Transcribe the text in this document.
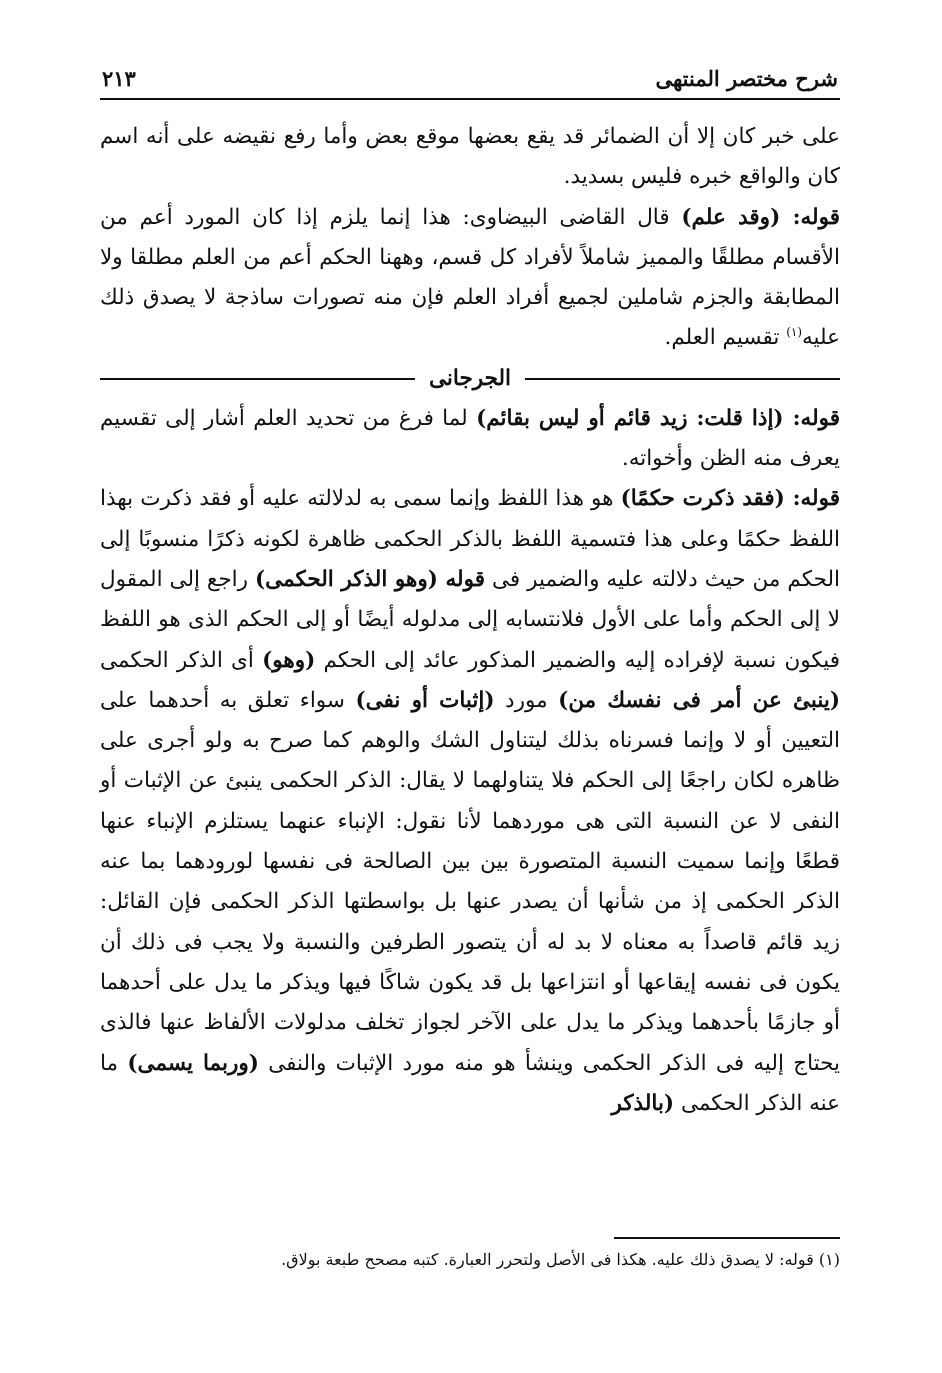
شرح مختصر المنتهى
٢١٣

على خبر كان إلا أن الضمائر قد يقع بعضها موقع بعض وأما رفع نقيضه على أنه اسم كان والواقع خبره فليس بسديد.

قوله: (وقد علم) قال القاضى البيضاوى: هذا إنما يلزم إذا كان المورد أعم من الأقسام مطلقًا والمميز شاملاً لأفراد كل قسم، وهھنا الحكم أعم من العلم مطلقا ولا المطابقة والجزم شاملين لجميع أفراد العلم فإن منه تصورات ساذجة لا يصدق ذلك عليه$^{(١)}$ تقسيم العلم.

الجرجانى

قوله: (إذا قلت: زيد قائم أو ليس بقائم) لما فرغ من تحديد العلم أشار إلى تقسيم يعرف منه الظن وأخواته.

قوله: (فقد ذكرت حكمًا) هو هذا اللفظ وإنما سمى به لدلالته عليه أو فقد ذكرت بهذا اللفظ حكمًا وعلى هذا فتسمية اللفظ بالذكر الحكمى ظاهرة لكونه ذكرًا منسوبًا إلى الحكم من حيث دلالته عليه والضمير فى قوله (وهو الذكر الحكمى) راجع إلى المقول لا إلى الحكم وأما على الأول فلانتسابه إلى مدلوله أيضًا أو إلى الحكم الذى هو اللفظ فيكون نسبة لإفراده إليه والضمير المذكور عائد إلى الحكم (وهو) أى الذكر الحكمى (ينبئ عن أمر فى نفسك من) مورد (إثبات أو نفى) سواء تعلق به أحدهما على التعيين أو لا وإنما فسرناه بذلك ليتناول الشك والوهم كما صرح به ولو أجرى على ظاهره لكان راجعًا إلى الحكم فلا يتناولهما لا يقال: الذكر الحكمى ينبئ عن الإثبات أو النفى لا عن النسبة التى هى موردهما لأنا نقول: الإنباء عنهما يستلزم الإنباء عنها قطعًا وإنما سميت النسبة المتصورة بين بين الصالحة فى نفسها لورودهما بما عنه الذكر الحكمى إذ من شأنها أن يصدر عنها بل بواسطتها الذكر الحكمى فإن القائل: زيد قائم قاصداً به معناه لا بد له أن يتصور الطرفين والنسبة ولا يجب فى ذلك أن يكون فى نفسه إيقاعها أو انتزاعها بل قد يكون شاكًا فيها ويذكر ما يدل على أحدهما أو جازمًا بأحدهما ويذكر ما يدل على الآخر لجواز تخلف مدلولات الألفاظ عنها فالذى يحتاج إليه فى الذكر الحكمى وينشأ هو منه مورد الإثبات والنفى (وربما يسمى) ما عنه الذكر الحكمى (بالذكر

(١) قوله: لا يصدق ذلك عليه. هكذا فى الأصل ولتحرر العبارة. كتبه مصحح طبعة بولاق.
